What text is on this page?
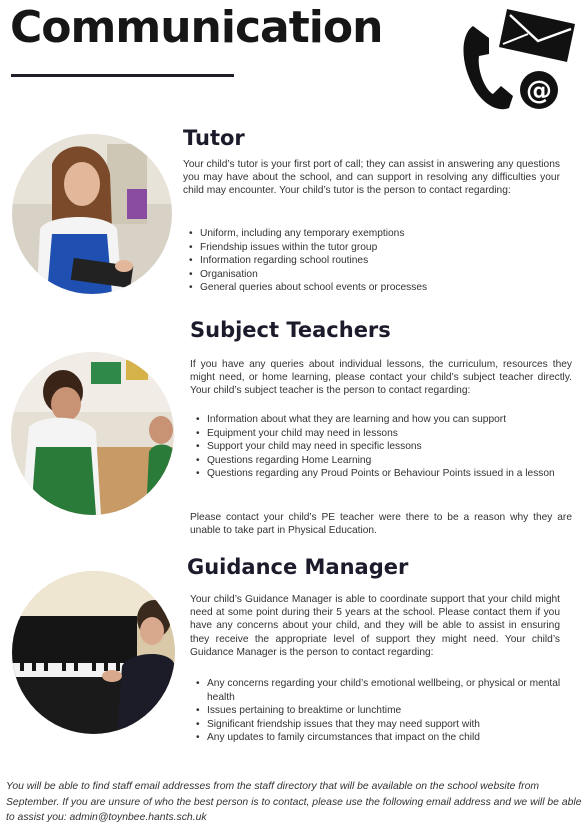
Communication
@
Tutor

Your child’s tutor is your first port of call; they can assist in answering any questions you may have about the school, and can support in resolving any difficulties your child may encounter. Your child’s tutor is the person to contact regarding:

• Uniform, including any temporary exemptions
• Friendship issues within the tutor group
• Information regarding school routines
• Organisation
• General queries about school events or processes
Subject Teachers

If you have any queries about individual lessons, the curriculum, resources they might need, or home learning, please contact your child’s subject teacher directly. Your child’s subject teacher is the person to contact regarding:

• Information about what they are learning and how you can support
• Equipment your child may need in lessons
• Support your child may need in specific lessons
• Questions regarding Home Learning
• Questions regarding any Proud Points or Behaviour Points issued in a lesson

Please contact your child’s PE teacher were there to be a reason why they are unable to take part in Physical Education.

Guidance Manager

Your child’s Guidance Manager is able to coordinate support that your child might need at some point during their 5 years at the school. Please contact them if you have any concerns about your child, and they will be able to assist in ensuring they receive the appropriate level of support they might need. Your child’s Guidance Manager is the person to contact regarding:

• Any concerns regarding your child’s emotional wellbeing, or physical or mental health
• Issues pertaining to breaktime or lunchtime
• Significant friendship issues that they may need support with
• Any updates to family circumstances that impact on the child

You will be able to find staff email addresses from the staff directory that will be available on the school website from September. If you are unsure of who the best person is to contact, please use the following email address and we will be able to assist you: admin@toynbee.hants.sch.uk
